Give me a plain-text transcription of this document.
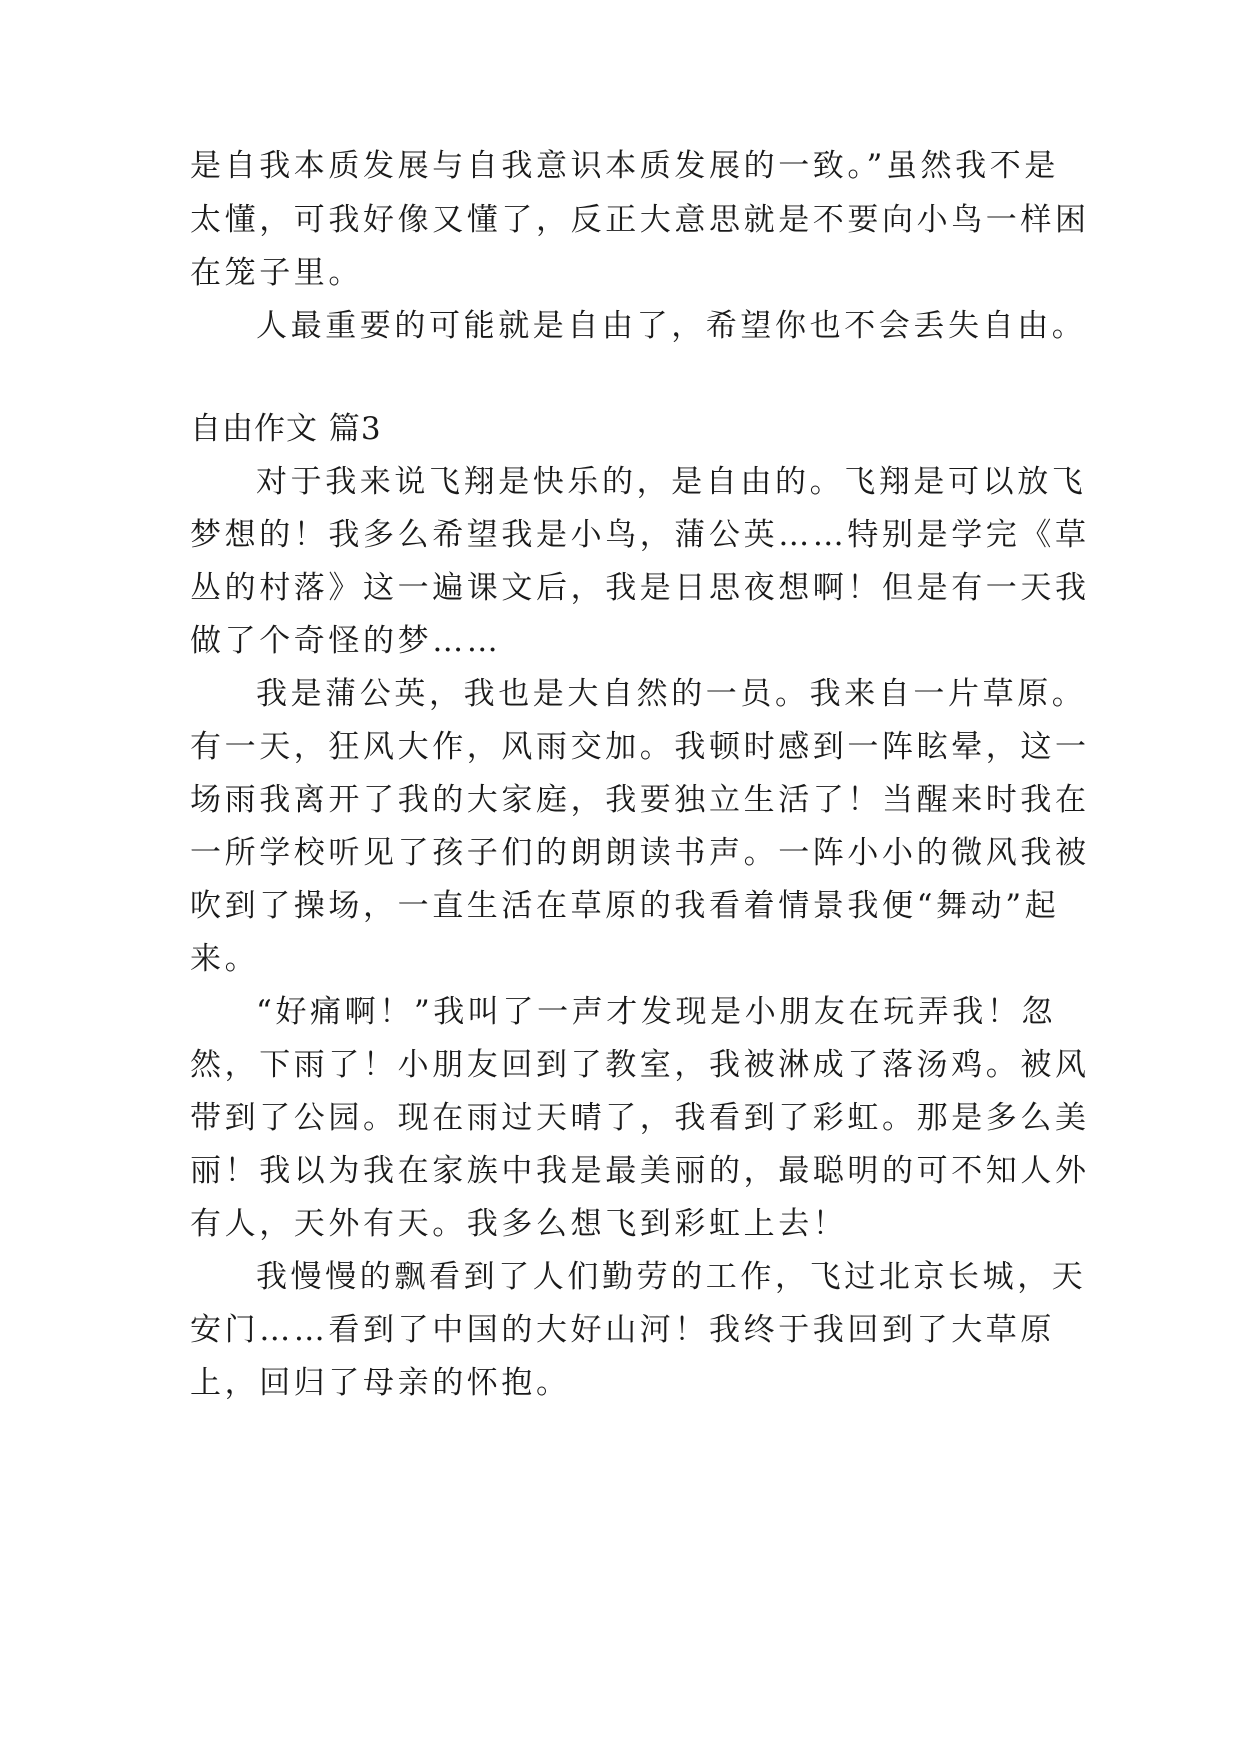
是自我本质发展与自我意识本质发展的一致。”虽然我不是
太懂，可我好像又懂了，反正大意思就是不要向小鸟一样困
在笼子里。
人最重要的可能就是自由了，希望你也不会丢失自由。
自由作文 篇3
对于我来说飞翔是快乐的，是自由的。飞翔是可以放飞
梦想的！我多么希望我是小鸟，蒲公英……特别是学完《草
丛的村落》这一遍课文后，我是日思夜想啊！但是有一天我
做了个奇怪的梦……
我是蒲公英，我也是大自然的一员。我来自一片草原。
有一天，狂风大作，风雨交加。我顿时感到一阵眩晕，这一
场雨我离开了我的大家庭，我要独立生活了！当醒来时我在
一所学校听见了孩子们的朗朗读书声。一阵小小的微风我被
吹到了操场，一直生活在草原的我看着情景我便“舞动”起
来。
“好痛啊！”我叫了一声才发现是小朋友在玩弄我！忽
然，下雨了！小朋友回到了教室，我被淋成了落汤鸡。被风
带到了公园。现在雨过天晴了，我看到了彩虹。那是多么美
丽！我以为我在家族中我是最美丽的，最聪明的可不知人外
有人，天外有天。我多么想飞到彩虹上去！
我慢慢的飘看到了人们勤劳的工作，飞过北京长城，天
安门……看到了中国的大好山河！我终于我回到了大草原
上，回归了母亲的怀抱。
